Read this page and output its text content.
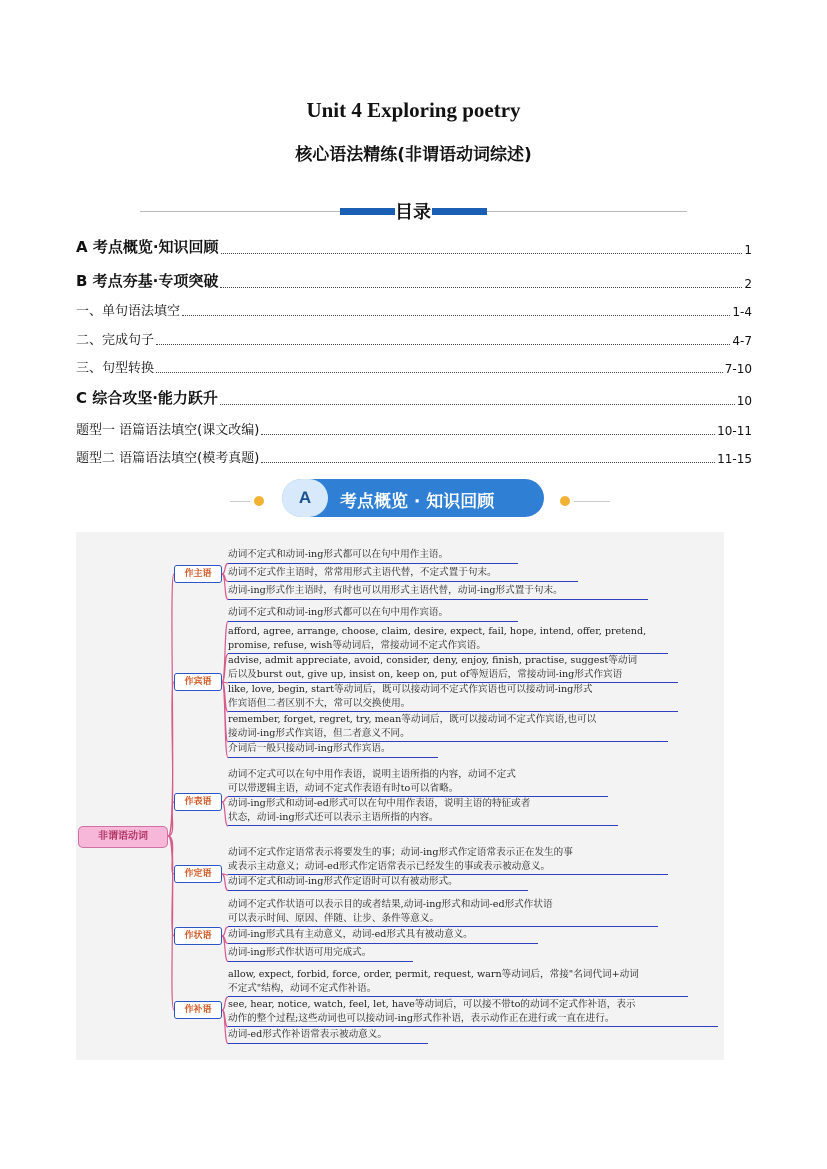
Unit 4 Exploring poetry
核心语法精练(非谓语动词综述)
目录
A 考点概览·知识回顾	1
B 考点夯基·专项突破	2
一、单句语法填空	1-4
二、完成句子	4-7
三、句型转换	7-10
C 综合攻坚·能力跃升	10
题型一 语篇语法填空(课文改编)	10-11
题型二 语篇语法填空(模考真题)	11-15
A	考点概览 · 知识回顾
非谓语动词
作主语
动词不定式和动词-ing形式都可以在句中用作主语。
动词不定式作主语时，常常用形式主语代替，不定式置于句末。
动词-ing形式作主语时，有时也可以用形式主语代替，动词-ing形式置于句末。
作宾语
动词不定式和动词-ing形式都可以在句中用作宾语。
afford, agree, arrange, choose, claim, desire, expect, fail, hope, intend, offer, pretend,
promise, refuse, wish等动词后，常接动词不定式作宾语。
advise, admit appreciate, avoid, consider, deny, enjoy, finish, practise, suggest等动词
后以及burst out, give up, insist on, keep on, put of等短语后，常接动词-ing形式作宾语
like, love, begin, start等动词后，既可以接动词不定式作宾语也可以接动词-ing形式
作宾语但二者区别不大，常可以交换使用。
remember, forget, regret, try, mean等动词后，既可以接动词不定式作宾语,也可以
接动词-ing形式作宾语，但二者意义不同。
介词后一般只接动词-ing形式作宾语。
作表语
动词不定式可以在句中用作表语，说明主语所指的内容，动词不定式
可以带逻辑主语，动词不定式作表语有时to可以省略。
动词-ing形式和动词-ed形式可以在句中用作表语，说明主语的特征或者
状态，动词-ing形式还可以表示主语所指的内容。
作定语
动词不定式作定语常表示将要发生的事；动词-ing形式作定语常表示正在发生的事
或表示主动意义；动词-ed形式作定语常表示已经发生的事或表示被动意义。
动词不定式和动词-ing形式作定语时可以有被动形式。
作状语
动词不定式作状语可以表示目的或者结果,动词-ing形式和动词-ed形式作状语
可以表示时间、原因、伴随、让步、条件等意义。
动词-ing形式具有主动意义，动词-ed形式具有被动意义。
动词-ing形式作状语可用完成式。
作补语
allow, expect, forbid, force, order, permit, request, warn等动词后，常接"名词代词+动词
不定式"结构，动词不定式作补语。
see, hear, notice, watch, feel, let, have等动词后，可以接不带to的动词不定式作补语，表示
动作的整个过程;这些动词也可以接动词-ing形式作补语，表示动作正在进行或一直在进行。
动词-ed形式作补语常表示被动意义。
